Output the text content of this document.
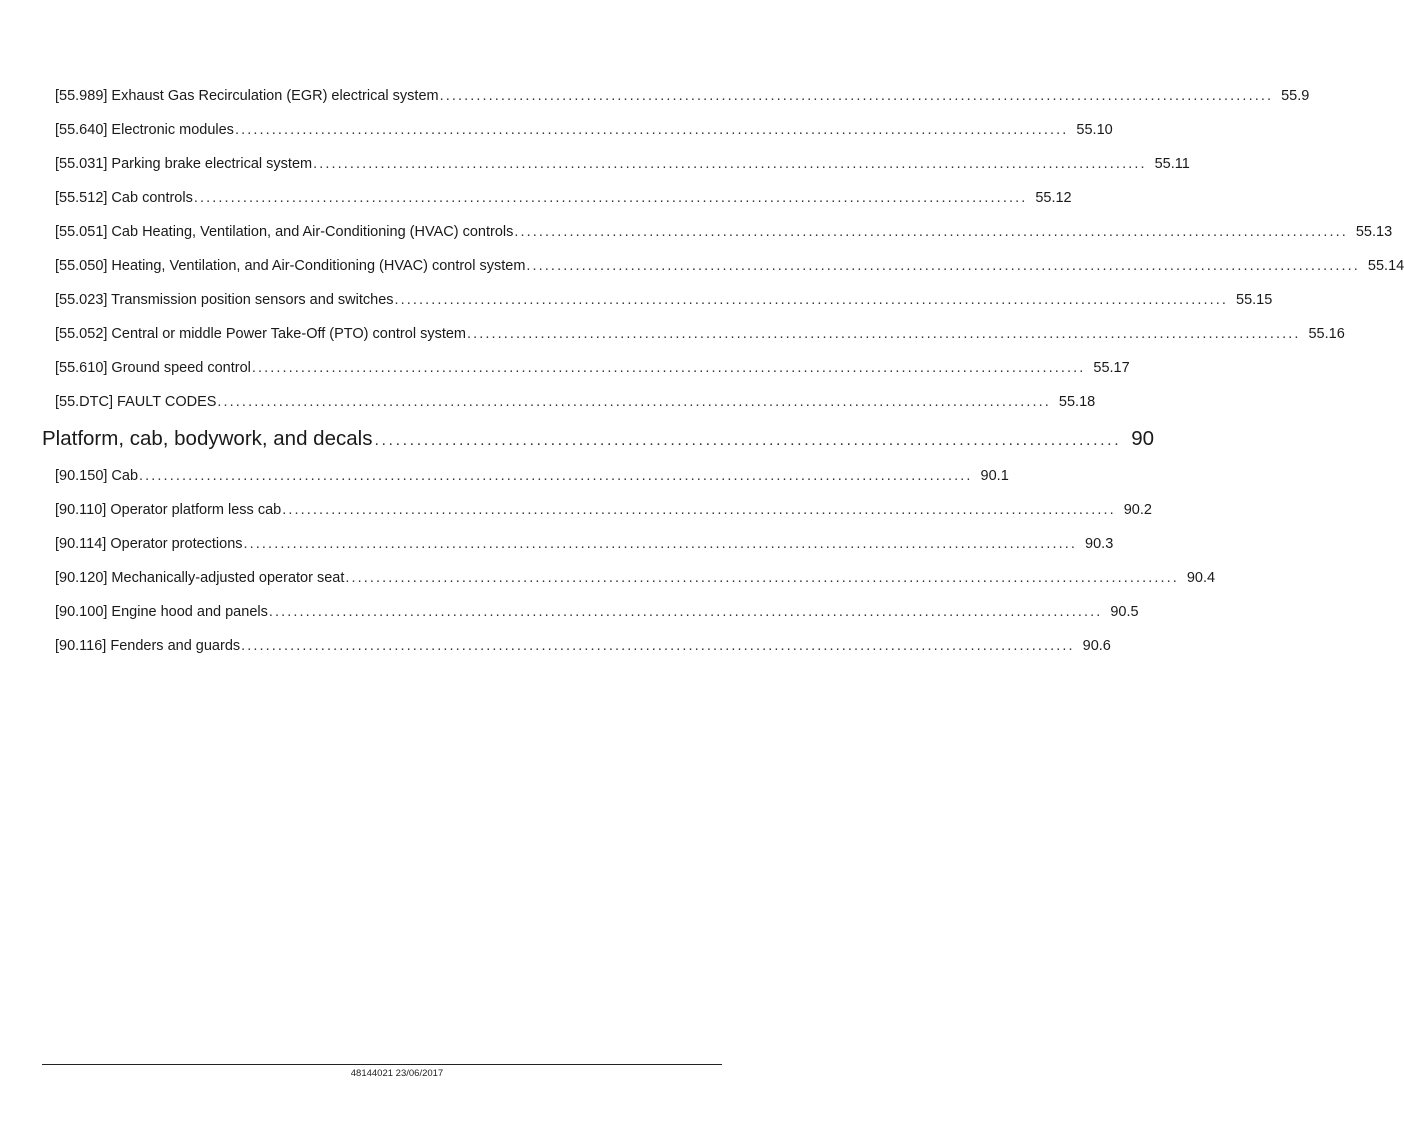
[55.989] Exhaust Gas Recirculation (EGR) electrical system ........................................................................................................................................ 55.9
[55.640] Electronic modules ........................................................................................................................................ 55.10
[55.031] Parking brake electrical system ........................................................................................................................................ 55.11
[55.512] Cab controls ........................................................................................................................................ 55.12
[55.051] Cab Heating, Ventilation, and Air-Conditioning (HVAC) controls ........................................................................................................................................ 55.13
[55.050] Heating, Ventilation, and Air-Conditioning (HVAC) control system ........................................................................................................................................ 55.14
[55.023] Transmission position sensors and switches ........................................................................................................................................ 55.15
[55.052] Central or middle Power Take-Off (PTO) control system ........................................................................................................................................ 55.16
[55.610] Ground speed control ........................................................................................................................................ 55.17
[55.DTC] FAULT CODES ........................................................................................................................................ 55.18
Platform, cab, bodywork, and decals .......................................................................................................... 90
[90.150] Cab ........................................................................................................................................ 90.1
[90.110] Operator platform less cab ........................................................................................................................................ 90.2
[90.114] Operator protections ........................................................................................................................................ 90.3
[90.120] Mechanically-adjusted operator seat ........................................................................................................................................ 90.4
[90.100] Engine hood and panels ........................................................................................................................................ 90.5
[90.116] Fenders and guards ........................................................................................................................................ 90.6
48144021 23/06/2017
